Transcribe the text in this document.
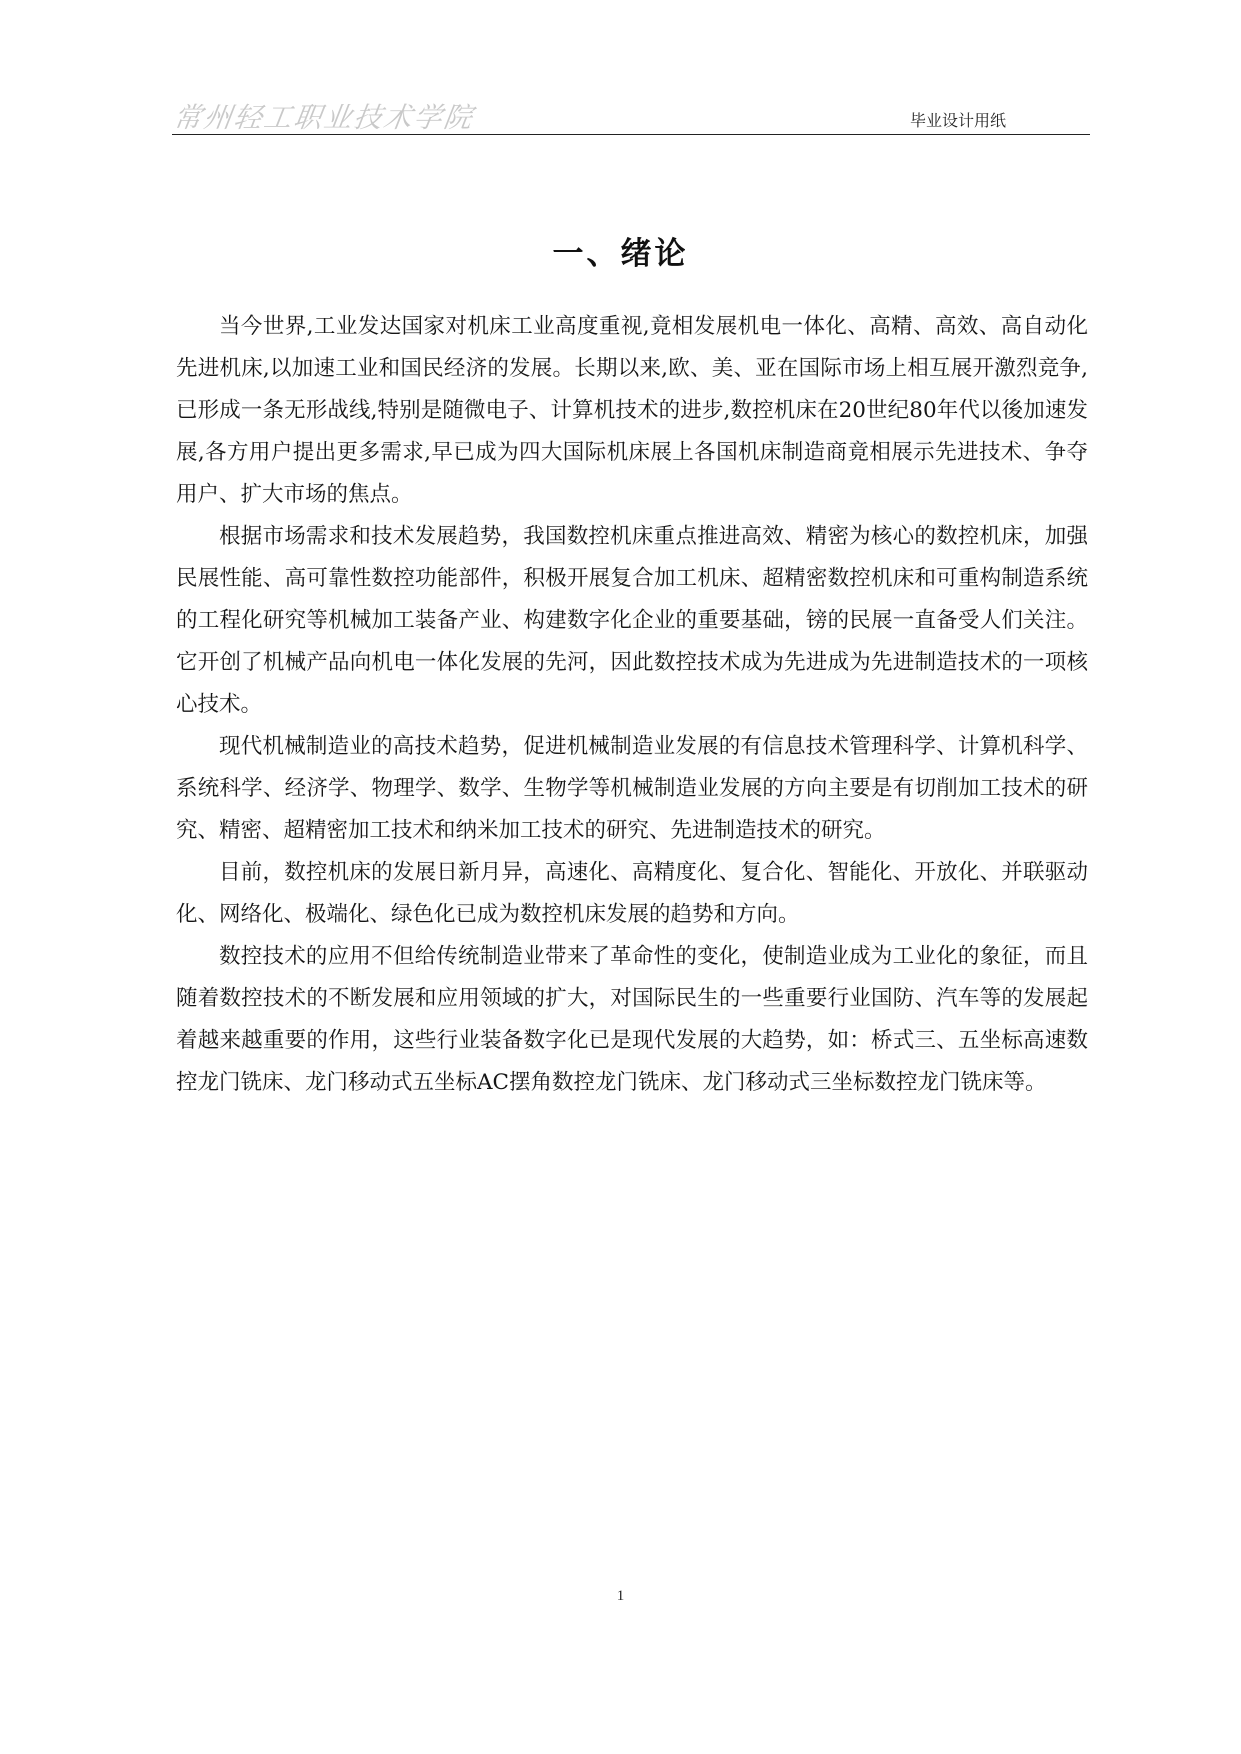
常州轻工职业技术学院	毕业设计用纸
一、绪论

当今世界,工业发达国家对机床工业高度重视,竟相发展机电一体化、高精、高效、高自动化先进机床,以加速工业和国民经济的发展。长期以来,欧、美、亚在国际市场上相互展开激烈竞争,已形成一条无形战线,特别是随微电子、计算机技术的进步,数控机床在20世纪80年代以後加速发展,各方用户提出更多需求,早已成为四大国际机床展上各国机床制造商竟相展示先进技术、争夺用户、扩大市场的焦点。

根据市场需求和技术发展趋势，我国数控机床重点推进高效、精密为核心的数控机床，加强民展性能、高可靠性数控功能部件，积极开展复合加工机床、超精密数控机床和可重构制造系统的工程化研究等机械加工装备产业、构建数字化企业的重要基础，镑的民展一直备受人们关注。它开创了机械产品向机电一体化发展的先河，因此数控技术成为先进成为先进制造技术的一项核心技术。

现代机械制造业的高技术趋势，促进机械制造业发展的有信息技术管理科学、计算机科学、系统科学、经济学、物理学、数学、生物学等机械制造业发展的方向主要是有切削加工技术的研究、精密、超精密加工技术和纳米加工技术的研究、先进制造技术的研究。

目前，数控机床的发展日新月异，高速化、高精度化、复合化、智能化、开放化、并联驱动化、网络化、极端化、绿色化已成为数控机床发展的趋势和方向。

数控技术的应用不但给传统制造业带来了革命性的变化，使制造业成为工业化的象征，而且随着数控技术的不断发展和应用领域的扩大，对国际民生的一些重要行业国防、汽车等的发展起着越来越重要的作用，这些行业装备数字化已是现代发展的大趋势，如：桥式三、五坐标高速数控龙门铣床、龙门移动式五坐标AC摆角数控龙门铣床、龙门移动式三坐标数控龙门铣床等。

1
